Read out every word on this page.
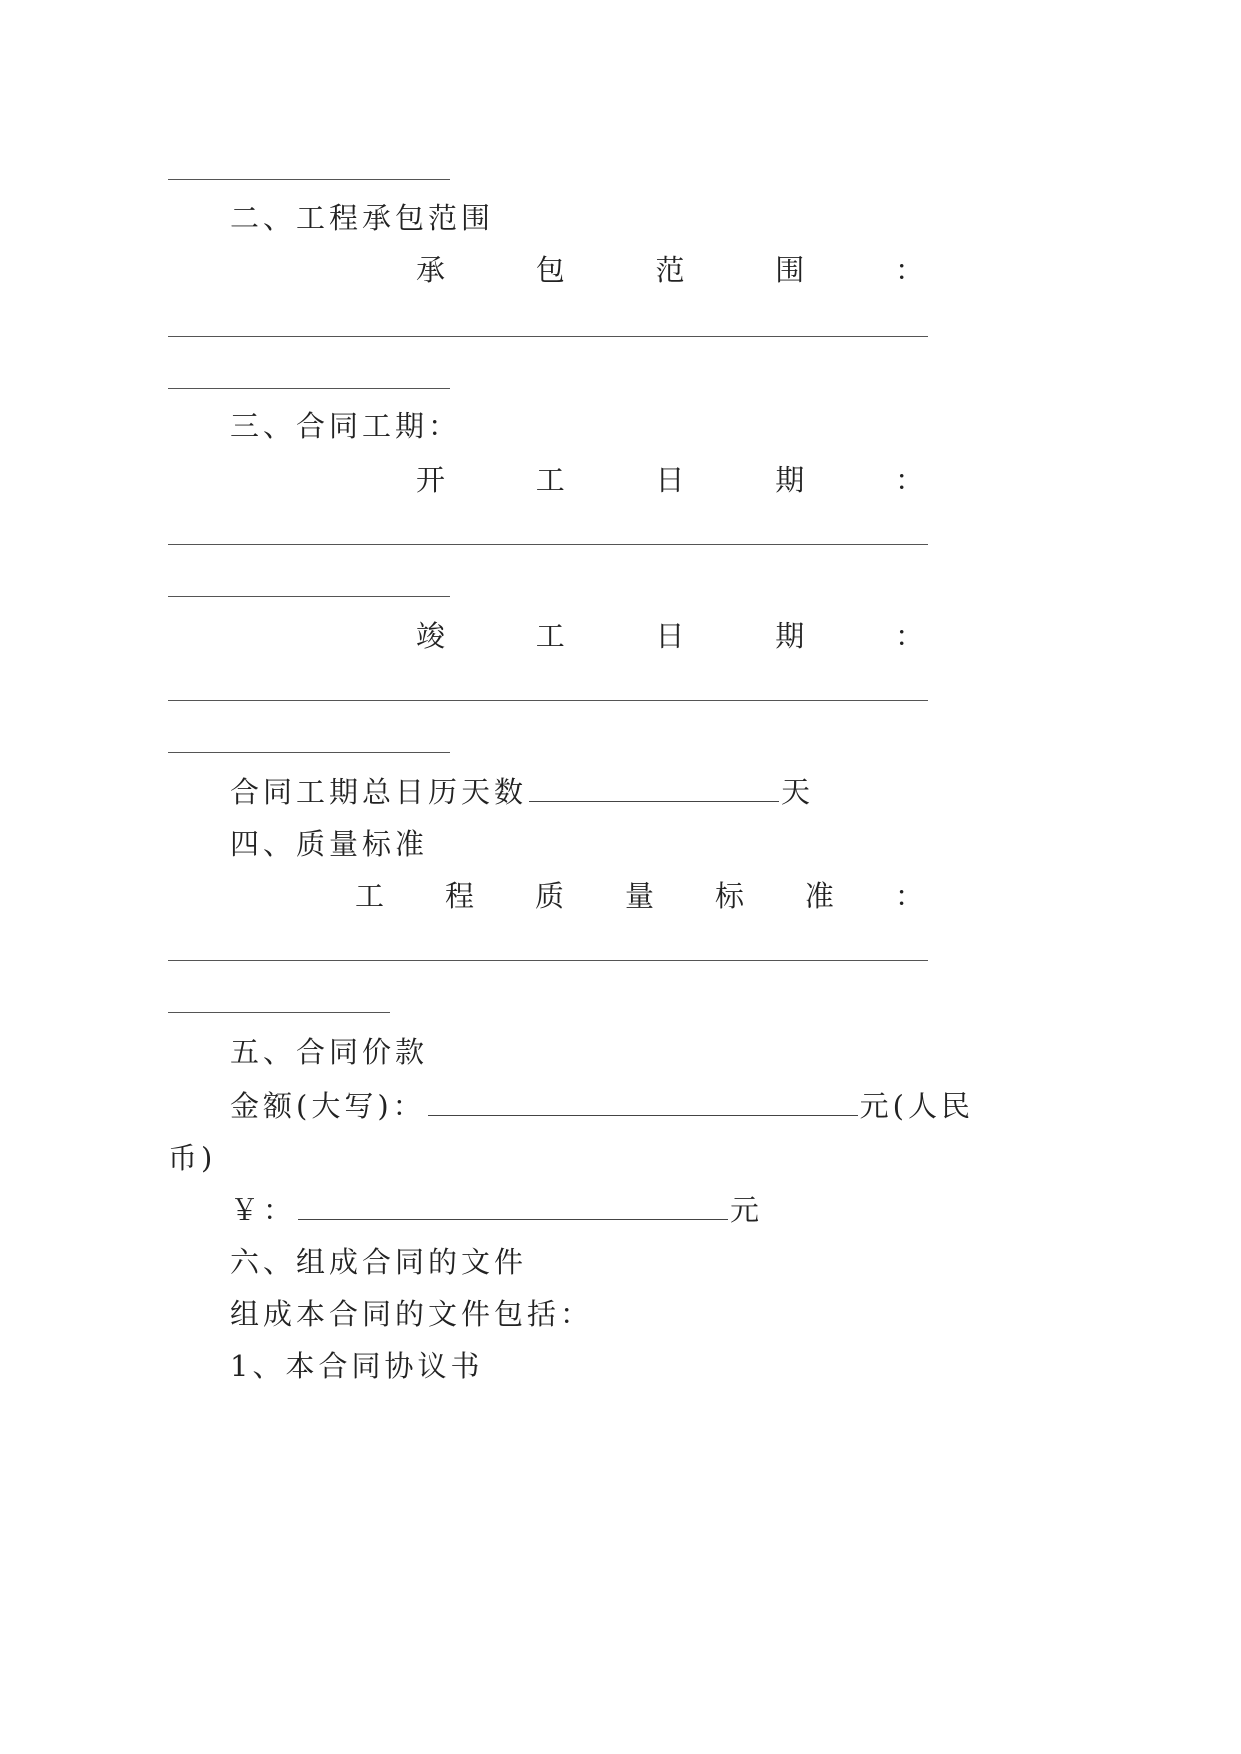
二、工程承包范围
承	包	范	围	：
三、合同工期：
开	工	日	期	：
竣	工	日	期	：
合同工期总日历天数	天
四、质量标准
工 程 质 量 标 准 ：
五、合同价款
金额(大写)：	元(人民
币)
￥：	元
六、组成合同的文件
组成本合同的文件包括：
1、本合同协议书
